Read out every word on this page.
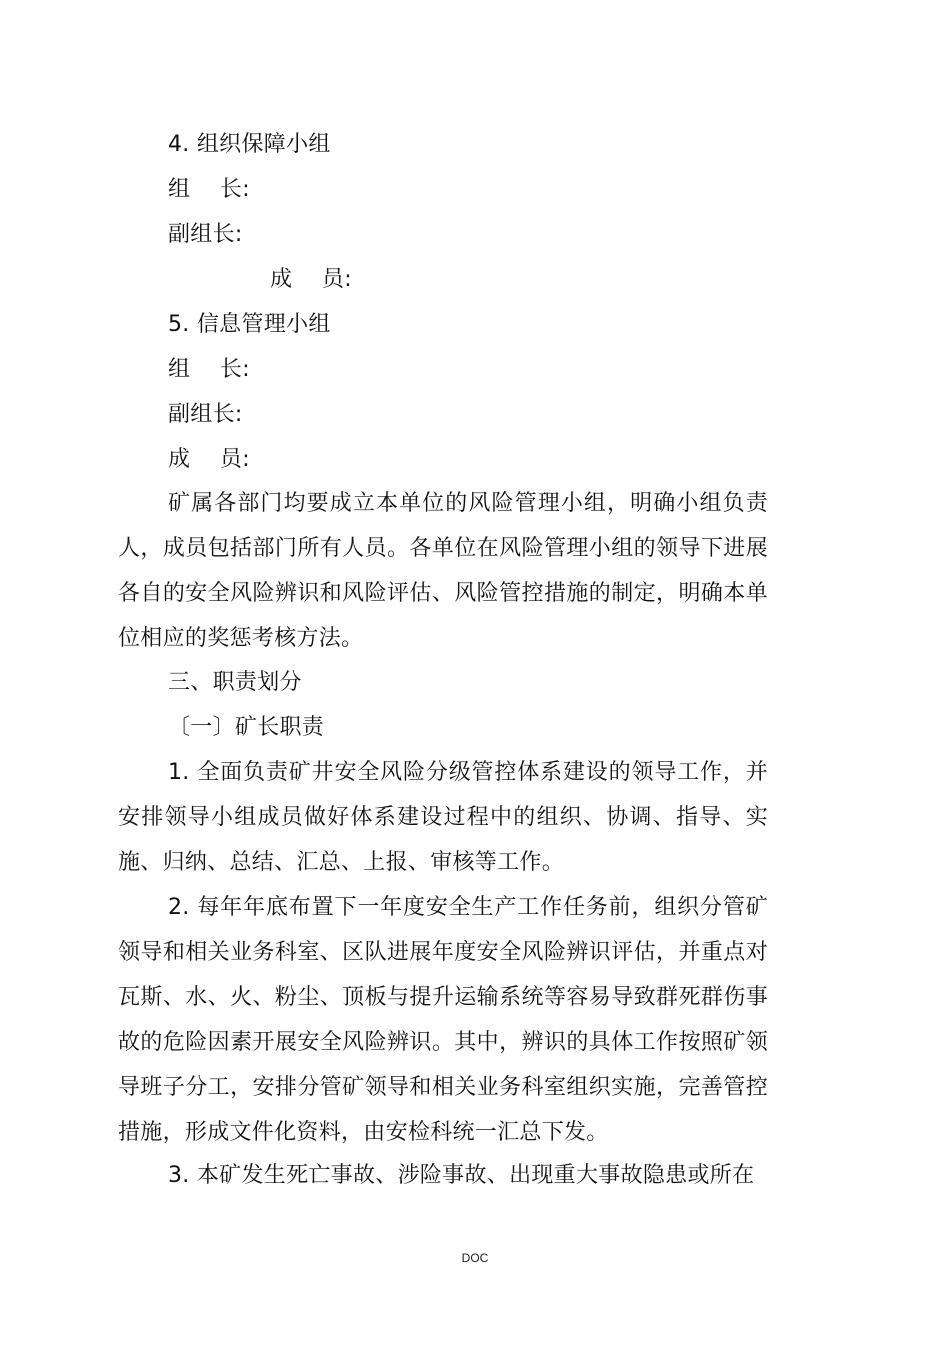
4. 组织保障小组
组　 长:
副组长:
成　 员:
5. 信息管理小组
组　 长:
副组长:
成　 员:

矿属各部门均要成立本单位的风险管理小组，明确小组负责人，成员包括部门所有人员。各单位在风险管理小组的领导下进展各自的安全风险辨识和风险评估、风险管控措施的制定，明确本单位相应的奖惩考核方法。

三、职责划分
〔一〕矿长职责

1. 全面负责矿井安全风险分级管控体系建设的领导工作，并安排领导小组成员做好体系建设过程中的组织、协调、指导、实施、归纳、总结、汇总、上报、审核等工作。

2. 每年年底布置下一年度安全生产工作任务前，组织分管矿领导和相关业务科室、区队进展年度安全风险辨识评估，并重点对瓦斯、水、火、粉尘、顶板与提升运输系统等容易导致群死群伤事故的危险因素开展安全风险辨识。其中，辨识的具体工作按照矿领导班子分工，安排分管矿领导和相关业务科室组织实施，完善管控措施，形成文件化资料，由安检科统一汇总下发。

3. 本矿发生死亡事故、涉险事故、出现重大事故隐患或所在

DOC
